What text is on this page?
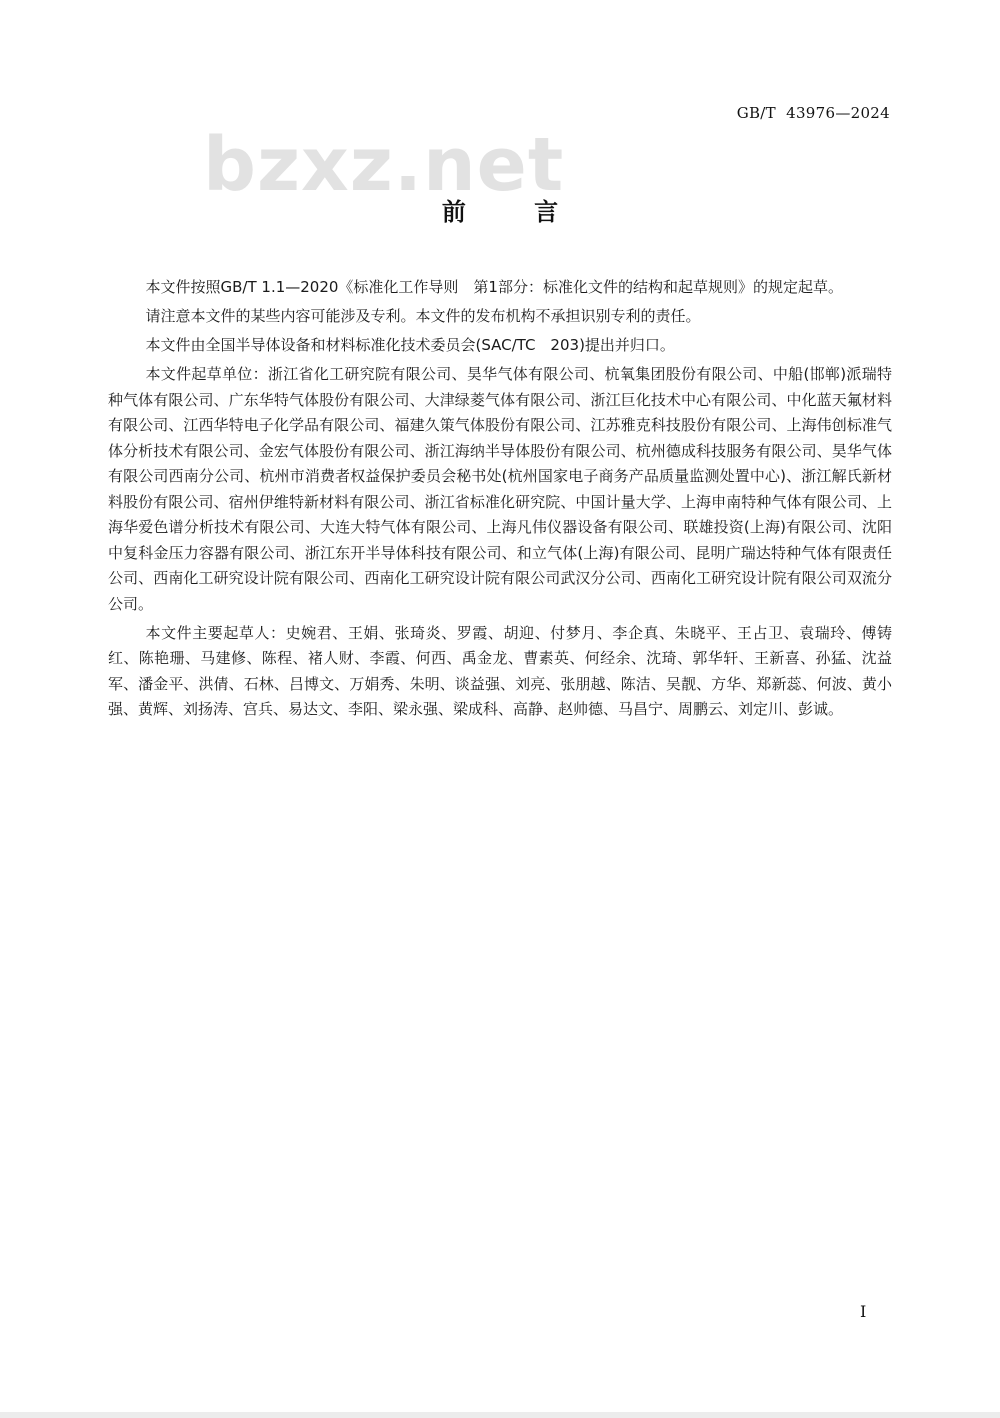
GB/T  43976—2024
bzxz.net
前 言

本文件按照GB/T 1.1—2020《标准化工作导则　第1部分：标准化文件的结构和起草规则》的规定起草。

请注意本文件的某些内容可能涉及专利。本文件的发布机构不承担识别专利的责任。

本文件由全国半导体设备和材料标准化技术委员会(SAC/TC　203)提出并归口。

本文件起草单位：浙江省化工研究院有限公司、昊华气体有限公司、杭氧集团股份有限公司、中船(邯郸)派瑞特种气体有限公司、广东华特气体股份有限公司、大津绿菱气体有限公司、浙江巨化技术中心有限公司、中化蓝天氟材料有限公司、江西华特电子化学品有限公司、福建久策气体股份有限公司、江苏雅克科技股份有限公司、上海伟创标准气体分析技术有限公司、金宏气体股份有限公司、浙江海纳半导体股份有限公司、杭州德成科技服务有限公司、昊华气体有限公司西南分公司、杭州市消费者权益保护委员会秘书处(杭州国家电子商务产品质量监测处置中心)、浙江解氏新材料股份有限公司、宿州伊维特新材料有限公司、浙江省标准化研究院、中国计量大学、上海申南特种气体有限公司、上海华爱色谱分析技术有限公司、大连大特气体有限公司、上海凡伟仪器设备有限公司、联雄投资(上海)有限公司、沈阳中复科金压力容器有限公司、浙江东开半导体科技有限公司、和立气体(上海)有限公司、昆明广瑞达特种气体有限责任公司、西南化工研究设计院有限公司、西南化工研究设计院有限公司武汉分公司、西南化工研究设计院有限公司双流分公司。

本文件主要起草人：史婉君、王娟、张琦炎、罗霞、胡迎、付梦月、李企真、朱晓平、王占卫、袁瑞玲、傅铸红、陈艳珊、马建修、陈程、褚人财、李霞、何西、禹金龙、曹素英、何经余、沈琦、郭华轩、王新喜、孙猛、沈益军、潘金平、洪倩、石林、吕博文、万娟秀、朱明、谈益强、刘亮、张朋越、陈洁、吴靓、方华、郑新蕊、何波、黄小强、黄辉、刘扬涛、宫兵、易达文、李阳、梁永强、梁成科、高静、赵帅德、马昌宁、周鹏云、刘定川、彭诚。

I
